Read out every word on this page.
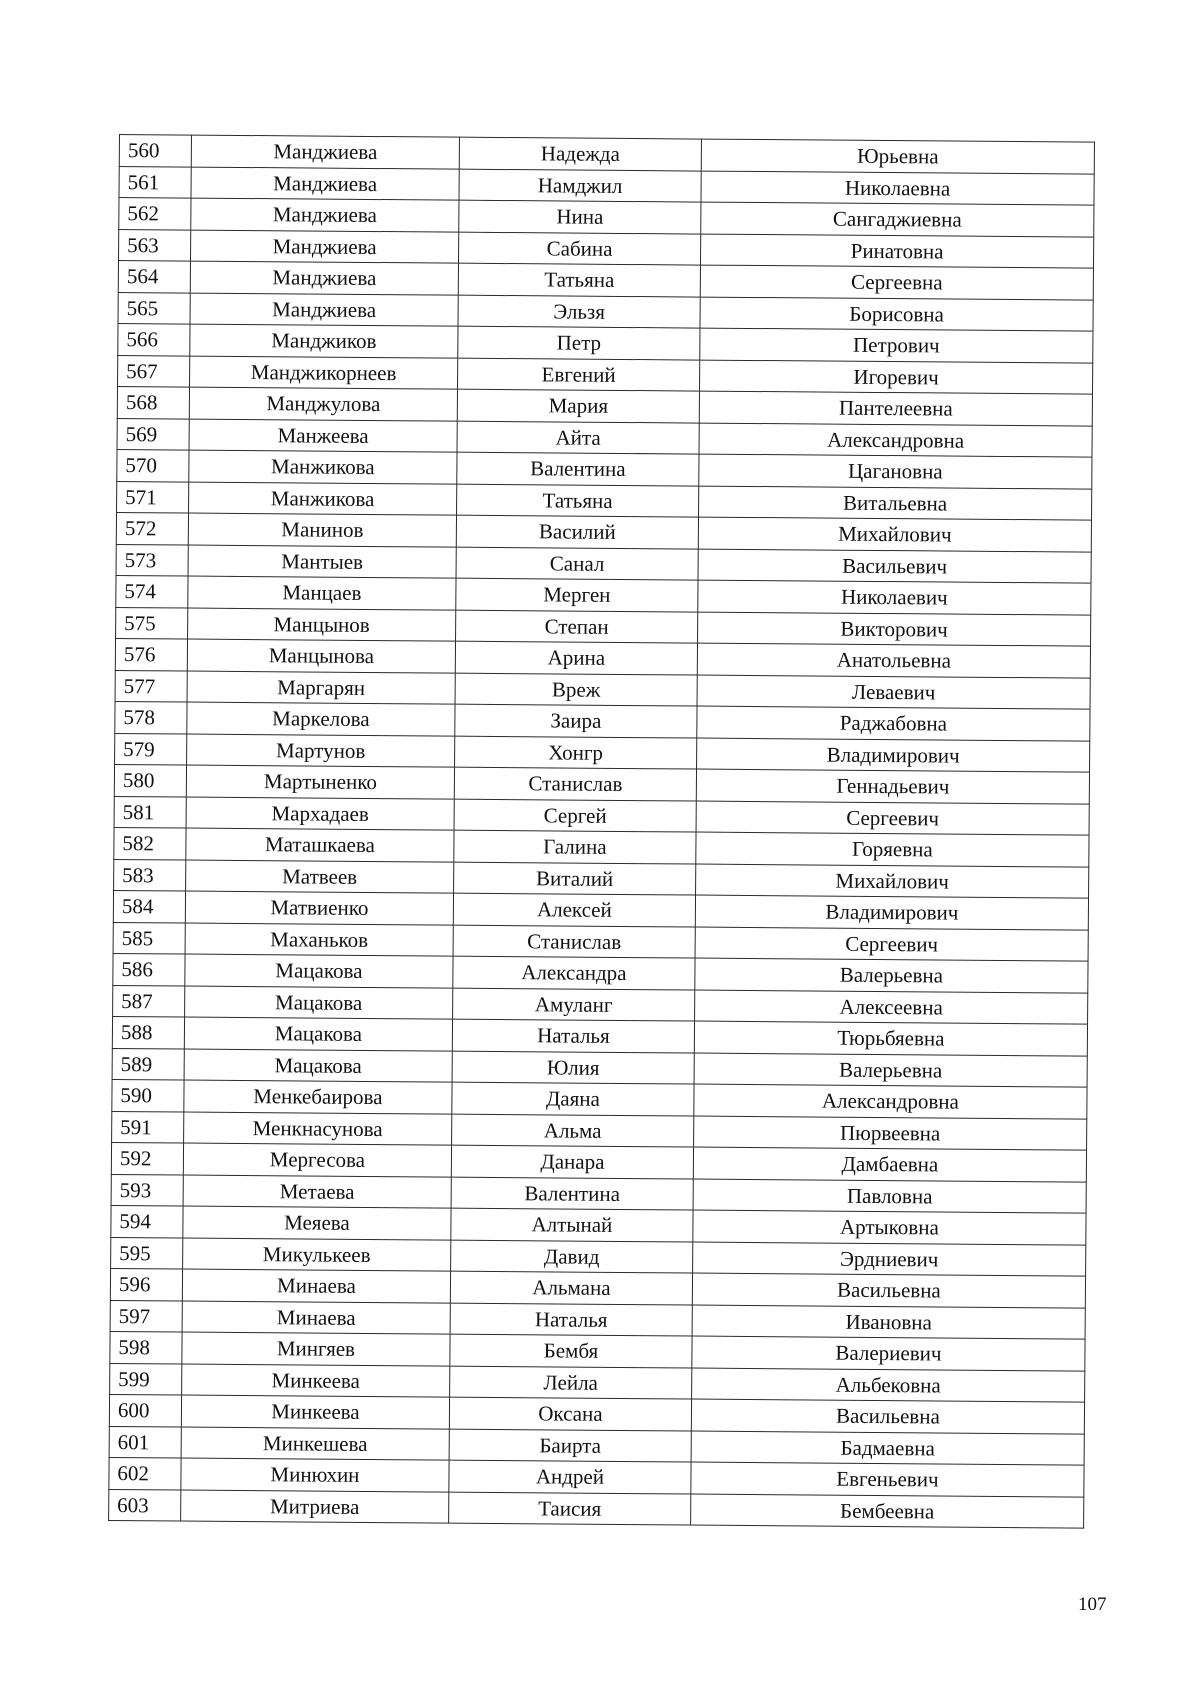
560	Манджиева	Надежда	Юрьевна
561	Манджиева	Намджил	Николаевна
562	Манджиева	Нина	Сангаджиевна
563	Манджиева	Сабина	Ринатовна
564	Манджиева	Татьяна	Сергеевна
565	Манджиева	Эльзя	Борисовна
566	Манджиков	Петр	Петрович
567	Манджикорнеев	Евгений	Игоревич
568	Манджулова	Мария	Пантелеевна
569	Манжеева	Айта	Александровна
570	Манжикова	Валентина	Цагановна
571	Манжикова	Татьяна	Витальевна
572	Манинов	Василий	Михайлович
573	Мантыев	Санал	Васильевич
574	Манцаев	Мерген	Николаевич
575	Манцынов	Степан	Викторович
576	Манцынова	Арина	Анатольевна
577	Маргарян	Вреж	Леваевич
578	Маркелова	Заира	Раджабовна
579	Мартунов	Хонгр	Владимирович
580	Мартыненко	Станислав	Геннадьевич
581	Мархадаев	Сергей	Сергеевич
582	Маташкаева	Галина	Горяевна
583	Матвеев	Виталий	Михайлович
584	Матвиенко	Алексей	Владимирович
585	Маханьков	Станислав	Сергеевич
586	Мацакова	Александра	Валерьевна
587	Мацакова	Амуланг	Алексеевна
588	Мацакова	Наталья	Тюрьбяевна
589	Мацакова	Юлия	Валерьевна
590	Менкебаирова	Даяна	Александровна
591	Менкнасунова	Альма	Пюрвеевна
592	Мергесова	Данара	Дамбаевна
593	Метаева	Валентина	Павловна
594	Меяева	Алтынай	Артыковна
595	Микулькеев	Давид	Эрдниевич
596	Минаева	Альмана	Васильевна
597	Минаева	Наталья	Ивановна
598	Мингяев	Бембя	Валериевич
599	Минкеева	Лейла	Альбековна
600	Минкеева	Оксана	Васильевна
601	Минкешева	Баирта	Бадмаевна
602	Минюхин	Андрей	Евгеньевич
603	Митриева	Таисия	Бембеевна
107
